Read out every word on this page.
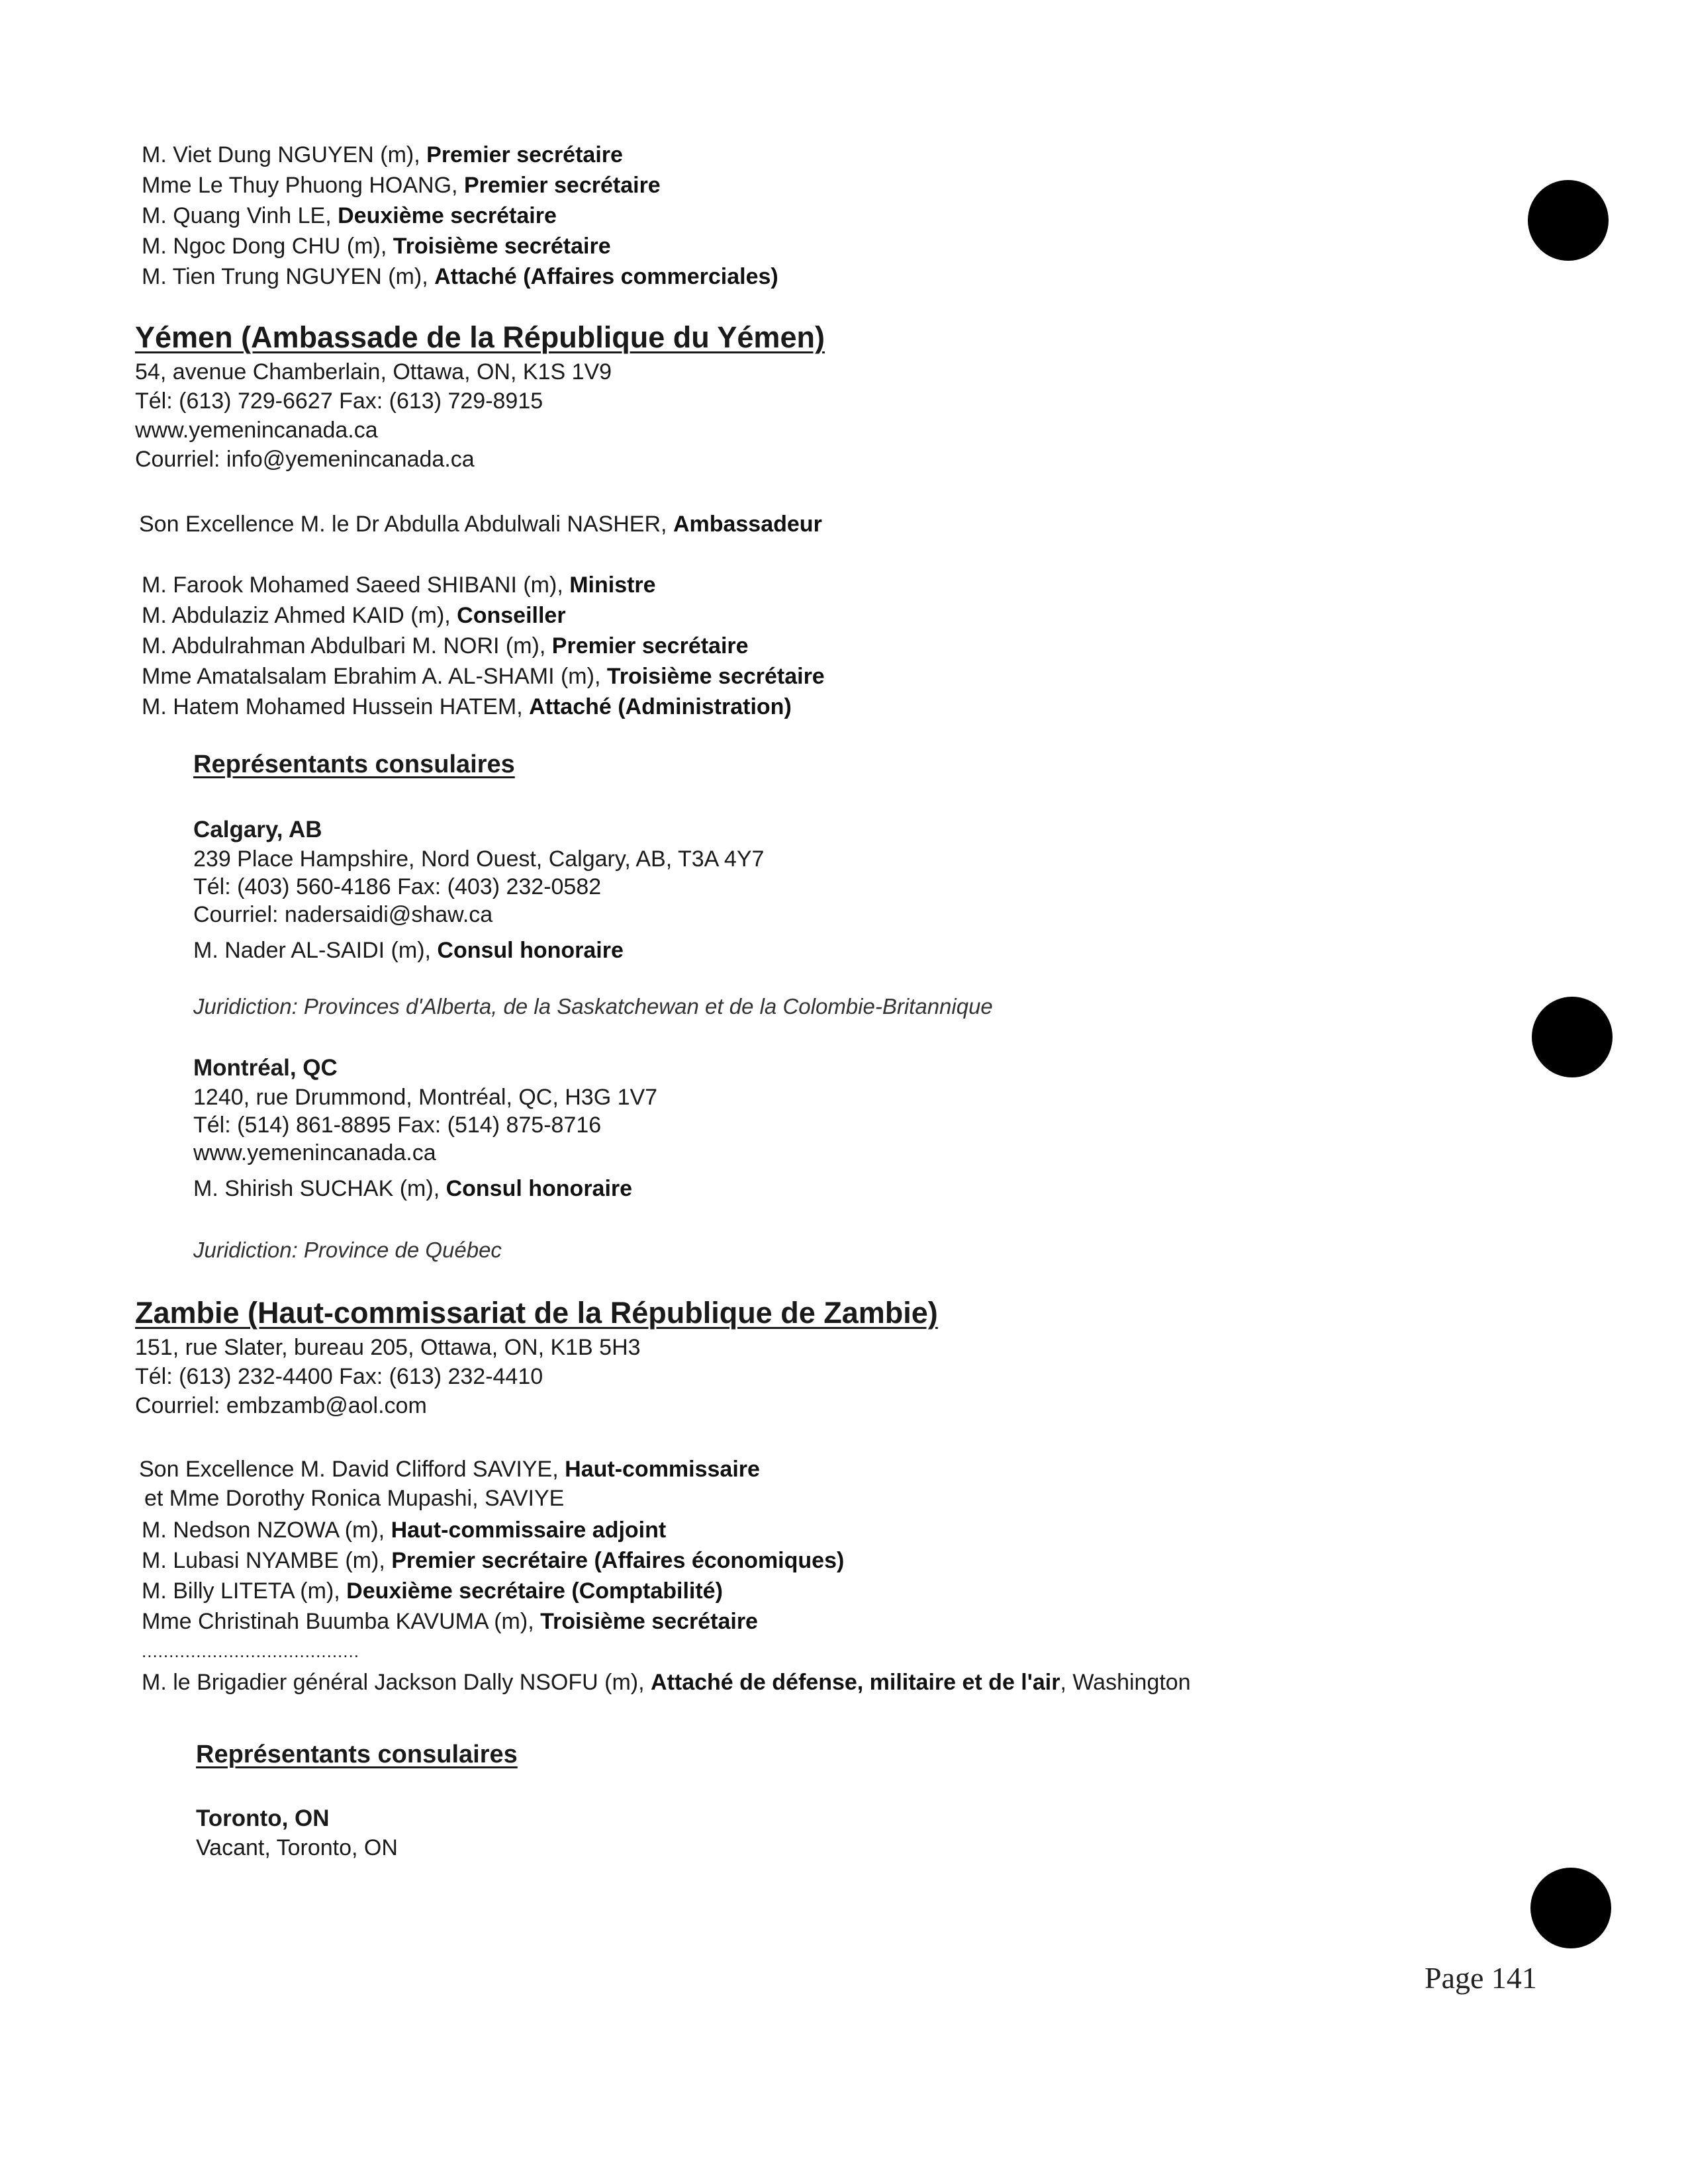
M. Viet Dung NGUYEN (m), Premier secrétaire
Mme Le Thuy Phuong HOANG, Premier secrétaire
M. Quang Vinh LE, Deuxième secrétaire
M. Ngoc Dong CHU (m), Troisième secrétaire
M. Tien Trung NGUYEN (m), Attaché (Affaires commerciales)
Yémen (Ambassade de la République du Yémen)
54, avenue Chamberlain, Ottawa, ON, K1S 1V9
Tél: (613) 729-6627 Fax: (613) 729-8915
www.yemenincanada.ca
Courriel: info@yemenincanada.ca
Son Excellence M. le Dr Abdulla Abdulwali NASHER, Ambassadeur
M. Farook Mohamed Saeed SHIBANI (m), Ministre
M. Abdulaziz Ahmed KAID (m), Conseiller
M. Abdulrahman Abdulbari M. NORI (m), Premier secrétaire
Mme Amatalsalam Ebrahim A. AL-SHAMI (m), Troisième secrétaire
M. Hatem Mohamed Hussein HATEM, Attaché (Administration)
Représentants consulaires
Calgary, AB
239 Place Hampshire, Nord Ouest, Calgary, AB, T3A 4Y7
Tél: (403) 560-4186 Fax: (403) 232-0582
Courriel: nadersaidi@shaw.ca
M. Nader AL-SAIDI (m), Consul honoraire
Juridiction: Provinces d'Alberta, de la Saskatchewan et de la Colombie-Britannique
Montréal, QC
1240, rue Drummond, Montréal, QC, H3G 1V7
Tél: (514) 861-8895 Fax: (514) 875-8716
www.yemenincanada.ca
M. Shirish SUCHAK (m), Consul honoraire
Juridiction: Province de Québec
Zambie (Haut-commissariat de la République de Zambie)
151, rue Slater, bureau 205, Ottawa, ON, K1B 5H3
Tél: (613) 232-4400 Fax: (613) 232-4410
Courriel: embzamb@aol.com
Son Excellence M. David Clifford SAVIYE, Haut-commissaire
et Mme Dorothy Ronica Mupashi, SAVIYE
M. Nedson NZOWA (m), Haut-commissaire adjoint
M. Lubasi NYAMBE (m), Premier secrétaire (Affaires économiques)
M. Billy LITETA (m), Deuxième secrétaire (Comptabilité)
Mme Christinah Buumba KAVUMA (m), Troisième secrétaire
........................................
M. le Brigadier général Jackson Dally NSOFU (m), Attaché de défense, militaire et de l'air, Washington
Représentants consulaires
Toronto, ON
Vacant, Toronto, ON
Page 141
